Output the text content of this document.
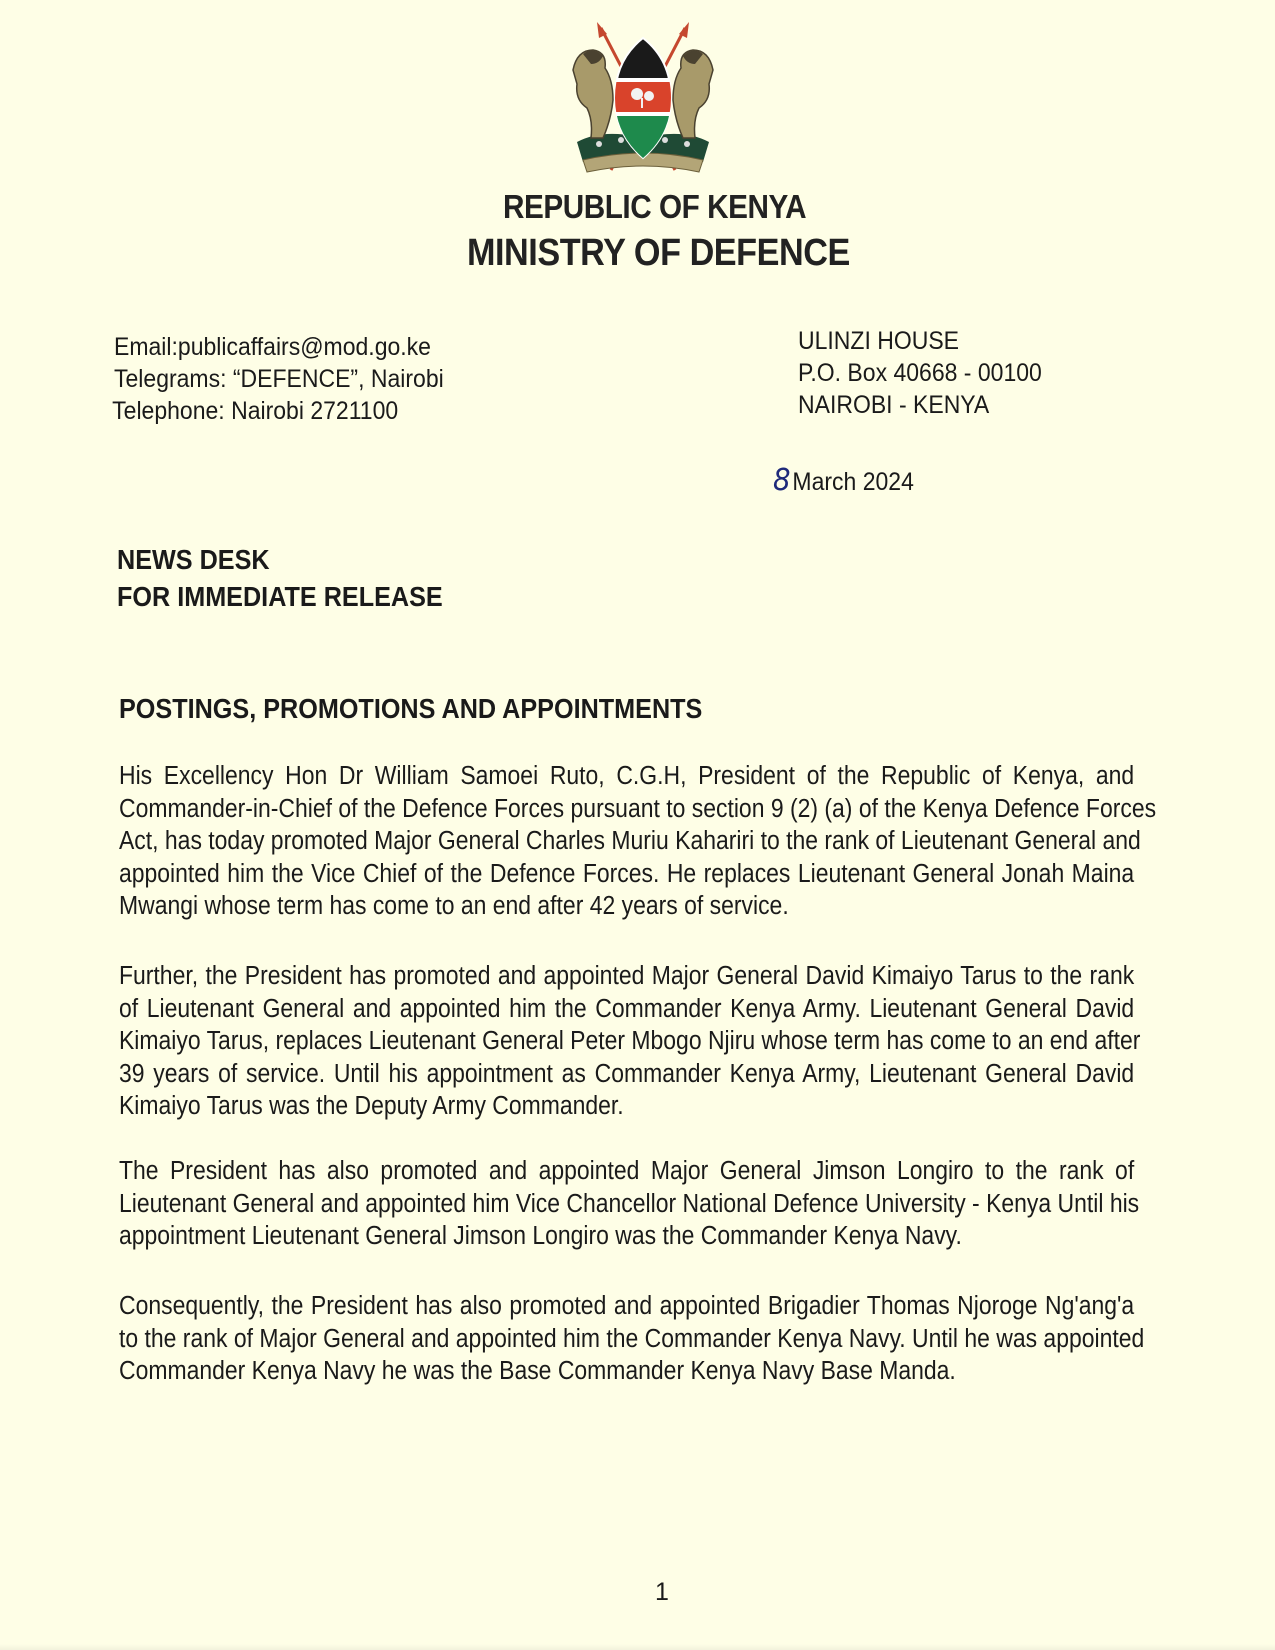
REPUBLIC OF KENYA
MINISTRY OF DEFENCE
Email:publicaffairs@mod.go.ke
Telegrams: “DEFENCE”, Nairobi
Telephone: Nairobi 2721100
ULINZI HOUSE
P.O. Box 40668 - 00100
NAIROBI - KENYA
8March 2024
NEWS DESK
FOR IMMEDIATE RELEASE
POSTINGS, PROMOTIONS AND APPOINTMENTS
His Excellency Hon Dr William Samoei Ruto, C.G.H, President of the Republic of Kenya, and
Commander-in-Chief of the Defence Forces pursuant to section 9 (2) (a) of the Kenya Defence Forces
Act, has today promoted Major General Charles Muriu Kahariri to the rank of Lieutenant General and
appointed him the Vice Chief of the Defence Forces. He replaces Lieutenant General Jonah Maina
Mwangi whose term has come to an end after 42 years of service.
Further, the President has promoted and appointed Major General David Kimaiyo Tarus to the rank
of Lieutenant General and appointed him the Commander Kenya Army. Lieutenant General David
Kimaiyo Tarus, replaces Lieutenant General Peter Mbogo Njiru whose term has come to an end after
39 years of service. Until his appointment as Commander Kenya Army, Lieutenant General David
Kimaiyo Tarus was the Deputy Army Commander.
The President has also promoted and appointed Major General Jimson Longiro to the rank of
Lieutenant General and appointed him Vice Chancellor National Defence University - Kenya Until his
appointment Lieutenant General Jimson Longiro was the Commander Kenya Navy.
Consequently, the President has also promoted and appointed Brigadier Thomas Njoroge Ng'ang'a
to the rank of Major General and appointed him the Commander Kenya Navy. Until he was appointed
Commander Kenya Navy he was the Base Commander Kenya Navy Base Manda.
1
